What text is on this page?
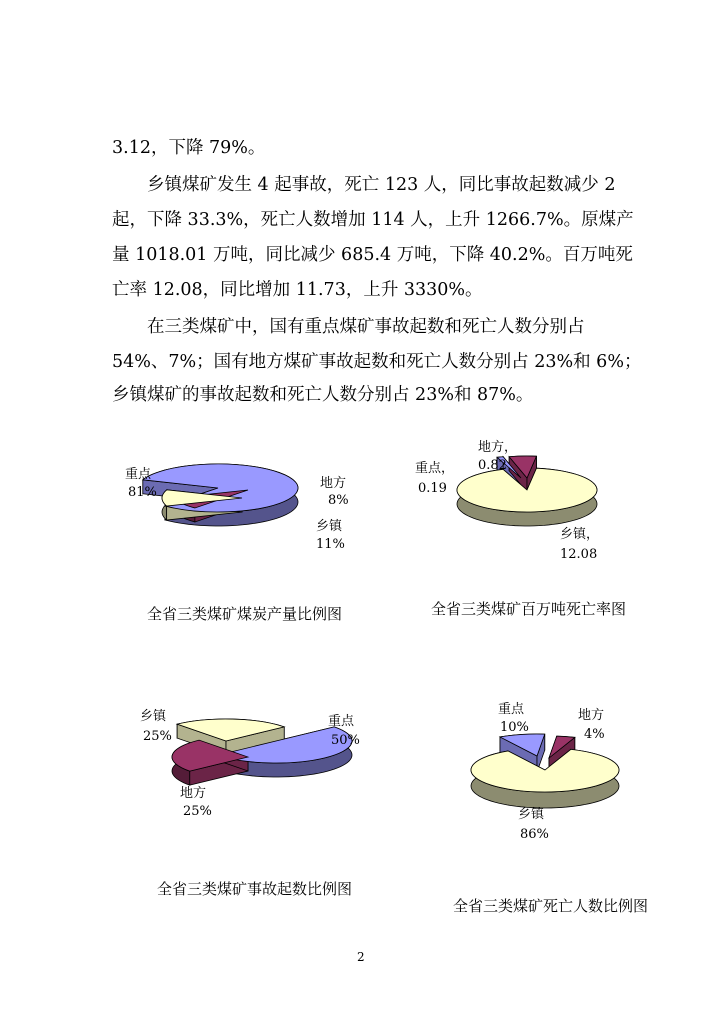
3.12，下降 79%。
乡镇煤矿发生 4 起事故，死亡 123 人，同比事故起数减少 2
起，下降 33.3%，死亡人数增加 114 人，上升 1266.7%。原煤产
量 1018.01 万吨，同比减少 685.4 万吨，下降 40.2%。百万吨死
亡率 12.08，同比增加 11.73，上升 3330%。
在三类煤矿中，国有重点煤矿事故起数和死亡人数分别占
54%、7%；国有地方煤矿事故起数和死亡人数分别占 23%和 6%；
乡镇煤矿的事故起数和死亡人数分别占 23%和 87%。
重点
81%
地方
8%
乡镇
11%
重点，
0.19
地方，
0.82
乡镇，
12.08
重点
50%
地方
25%
乡镇
25%
重点
10%
地方
4%
乡镇
86%
全省三类煤矿煤炭产量比例图	全省三类煤矿百万吨死亡率图
全省三类煤矿事故起数比例图
全省三类煤矿死亡人数比例图
2
